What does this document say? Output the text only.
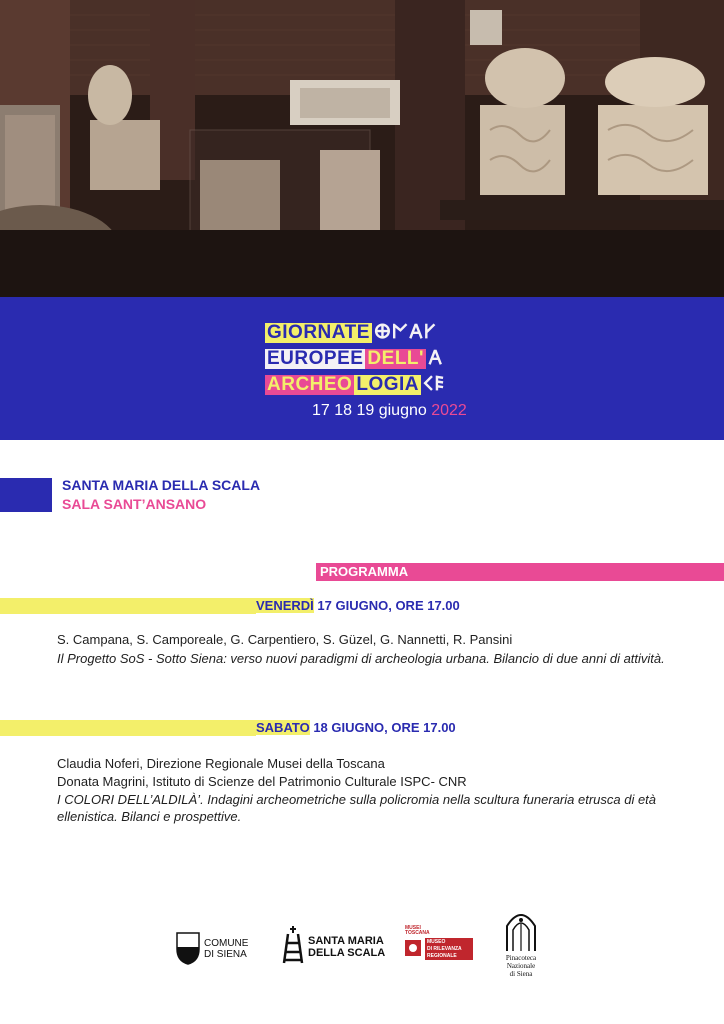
GIORNATE 𐌈𐌍𐌀𐌖
EUROPEE DELL' 𐌀
ARCHEO LOGIA 𐌂𐌄
17 18 19 giugno 2022
SANTA MARIA DELLA SCALA
SALA SANT’ANSANO
PROGRAMMA
VENERDÌ 17 GIUGNO, ORE 17.00
S. Campana, S. Camporeale, G. Carpentiero, S. Güzel, G. Nannetti, R. Pansini
Il Progetto SoS - Sotto Siena: verso nuovi paradigmi di archeologia urbana. Bilancio di due anni di attività.
SABATO 18 GIUGNO, ORE 17.00
Claudia Noferi, Direzione Regionale Musei della Toscana
Donata Magrini, Istituto di Scienze del Patrimonio Culturale ISPC- CNR
I COLORI DELL’ALDILÀ’. Indagini archeometriche sulla policromia nella scultura funeraria etrusca di età ellenistica. Bilanci e prospettive.
COMUNE
DI SIENA
SANTA MARIA
DELLA SCALA
MUSEI
TOSCANA
MUSEO
DI RILEVANZA
REGIONALE	Pinacoteca
Nazionale
di Siena
